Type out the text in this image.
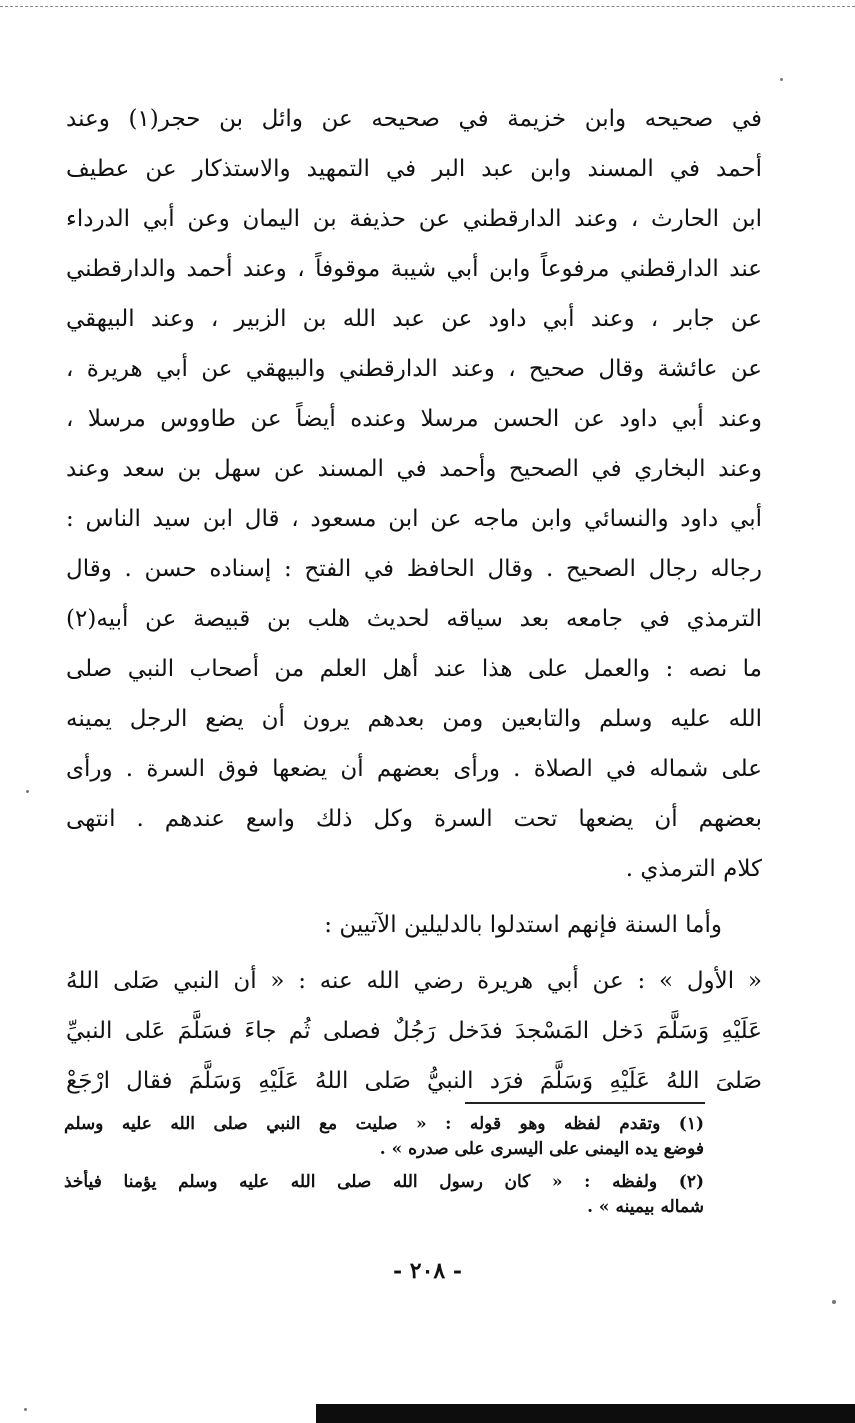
في صحيحه وابن خزيمة في صحيحه عن وائل بن حجر(١) وعند
أحمد في المسند وابن عبد البر في التمهيد والاستذكار عن عطيف
ابن الحارث ، وعند الدارقطني عن حذيفة بن اليمان وعن أبي الدرداء
عند الدارقطني مرفوعاً وابن أبي شيبة موقوفاً ، وعند أحمد والدارقطني
عن جابر ، وعند أبي داود عن عبد الله بن الزبير ، وعند البيهقي
عن عائشة وقال صحيح ، وعند الدارقطني والبيهقي عن أبي هريرة ،
وعند أبي داود عن الحسن مرسلا وعنده أيضاً عن طاووس مرسلا ،
وعند البخاري في الصحيح وأحمد في المسند عن سهل بن سعد وعند
أبي داود والنسائي وابن ماجه عن ابن مسعود ، قال ابن سيد الناس :
رجاله رجال الصحيح . وقال الحافظ في الفتح : إسناده حسن . وقال
الترمذي في جامعه بعد سياقه لحديث هلب بن قبيصة عن أبيه(٢)
ما نصه : والعمل على هذا عند أهل العلم من أصحاب النبي صلى
الله عليه وسلم والتابعين ومن بعدهم يرون أن يضع الرجل يمينه
على شماله في الصلاة . ورأى بعضهم أن يضعها فوق السرة . ورأى
بعضهم أن يضعها تحت السرة وكل ذلك واسع عندهم . انتهى
كلام الترمذي .
وأما السنة فإنهم استدلوا بالدليلين الآتيين :
« الأول » : عن أبي هريرة رضي الله عنه : « أن النبي صَلى اللهُ
عَلَيْهِ وَسَلَّمَ دَخل المَسْجدَ فدَخل رَجُلٌ فصلى ثُم جاءَ فسَلَّمَ عَلى النبيِّ
صَلىَ اللهُ عَلَيْهِ وَسَلَّمَ فرَد النبيُّ صَلى اللهُ عَلَيْهِ وَسَلَّمَ فقال ارْجَعْ
(١) وتقدم لفظه وهو قوله : « صليت مع النبي صلى الله عليه وسلم
فوضع يده اليمنى على اليسرى على صدره » .
(٢) ولفظه : « كان رسول الله صلى الله عليه وسلم يؤمنا فيأخذ
شماله بيمينه » .
- ٢٠٨ -
